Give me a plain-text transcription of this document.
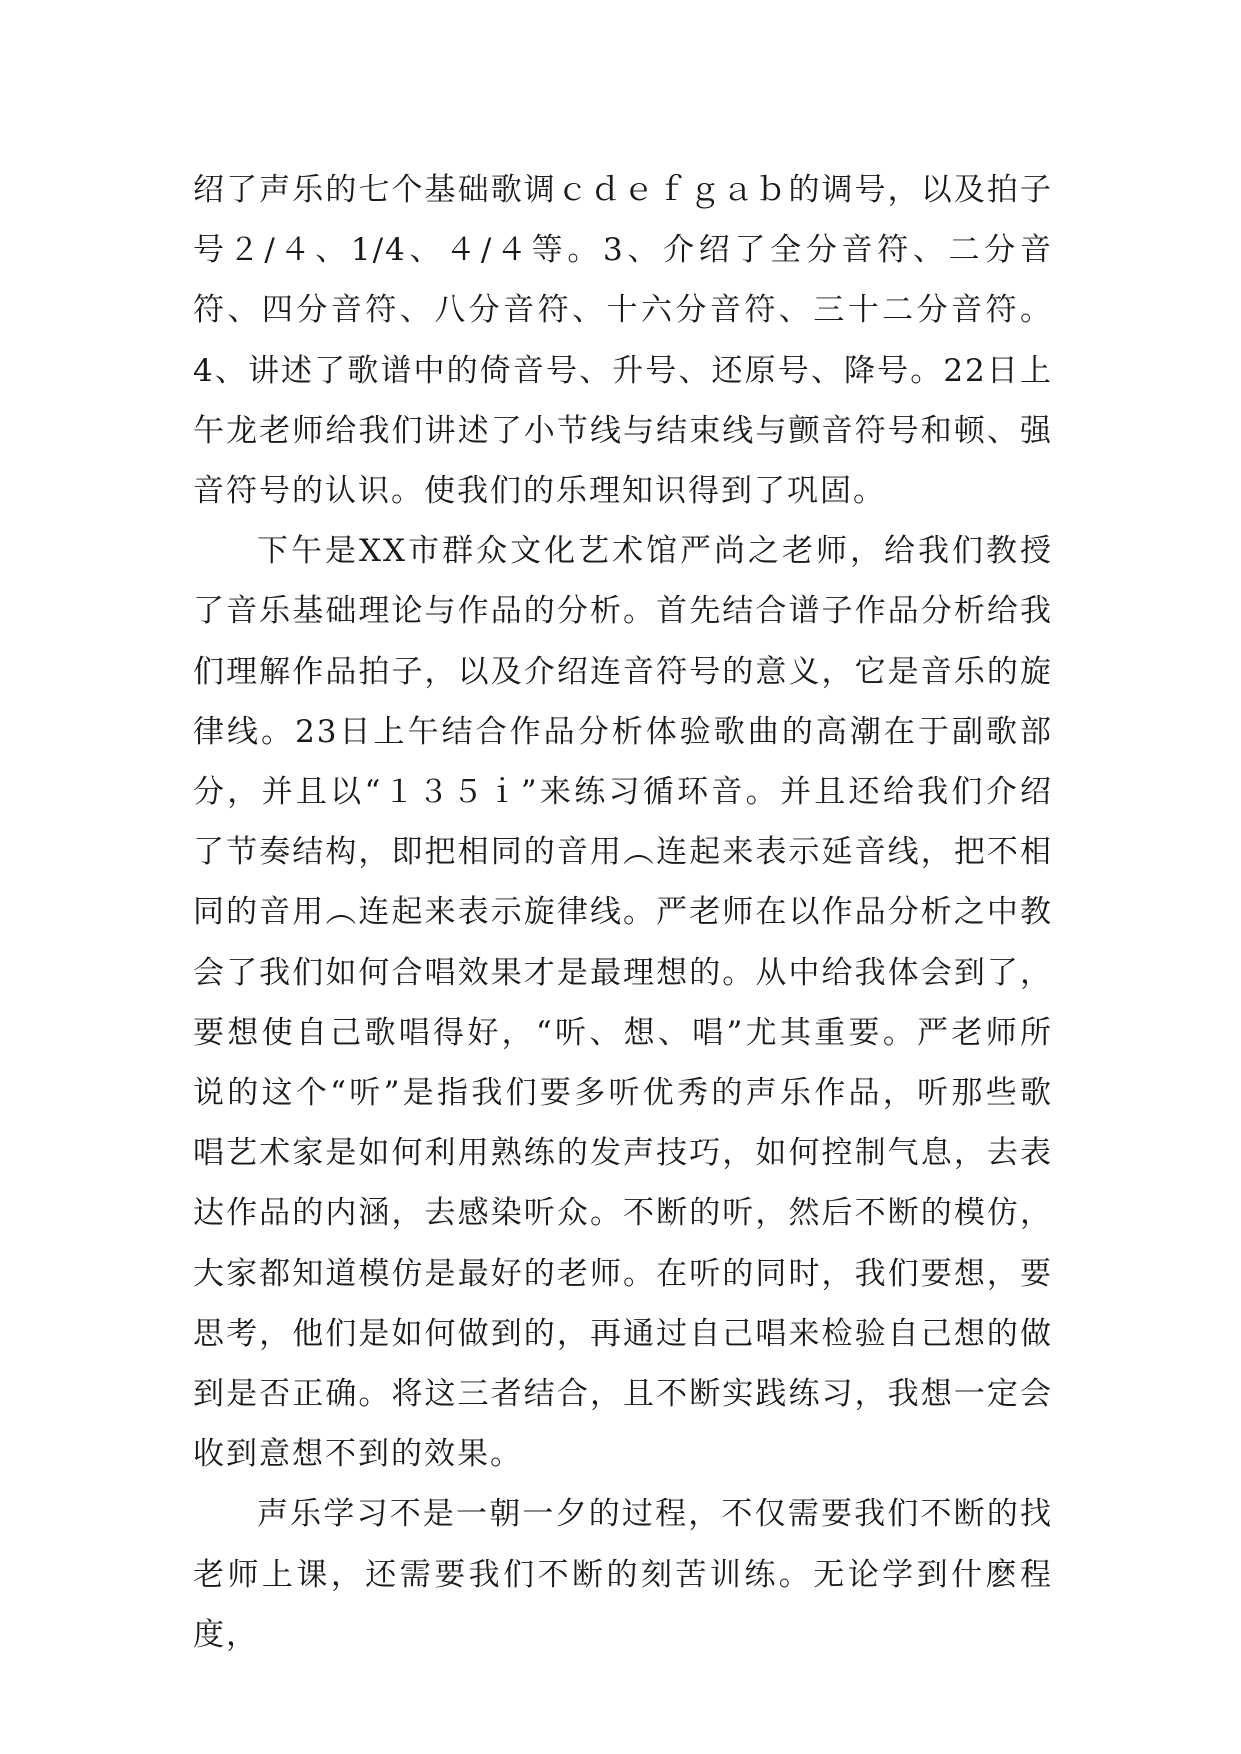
绍了声乐的七个基础歌调ｃｄｅｆｇａｂ的调号，以及拍子号２/４、1/4、４/４等。3、介绍了全分音符、二分音符、四分音符、八分音符、十六分音符、三十二分音符。4、讲述了歌谱中的倚音号、升号、还原号、降号。22日上午龙老师给我们讲述了小节线与结束线与颤音符号和顿、强音符号的认识。使我们的乐理知识得到了巩固。

下午是XX市群众文化艺术馆严尚之老师，给我们教授了音乐基础理论与作品的分析。首先结合谱子作品分析给我们理解作品拍子，以及介绍连音符号的意义，它是音乐的旋律线。23日上午结合作品分析体验歌曲的高潮在于副歌部分，并且以“１３５ｉ”来练习循环音。并且还给我们介绍了节奏结构，即把相同的音用︵连起来表示延音线，把不相同的音用︵连起来表示旋律线。严老师在以作品分析之中教会了我们如何合唱效果才是最理想的。从中给我体会到了，要想使自己歌唱得好，“听、想、唱”尤其重要。严老师所说的这个“听”是指我们要多听优秀的声乐作品，听那些歌唱艺术家是如何利用熟练的发声技巧，如何控制气息，去表达作品的内涵，去感染听众。不断的听，然后不断的模仿，大家都知道模仿是最好的老师。在听的同时，我们要想，要思考，他们是如何做到的，再通过自己唱来检验自己想的做到是否正确。将这三者结合，且不断实践练习，我想一定会收到意想不到的效果。

声乐学习不是一朝一夕的过程，不仅需要我们不断的找老师上课，还需要我们不断的刻苦训练。无论学到什麽程度，
